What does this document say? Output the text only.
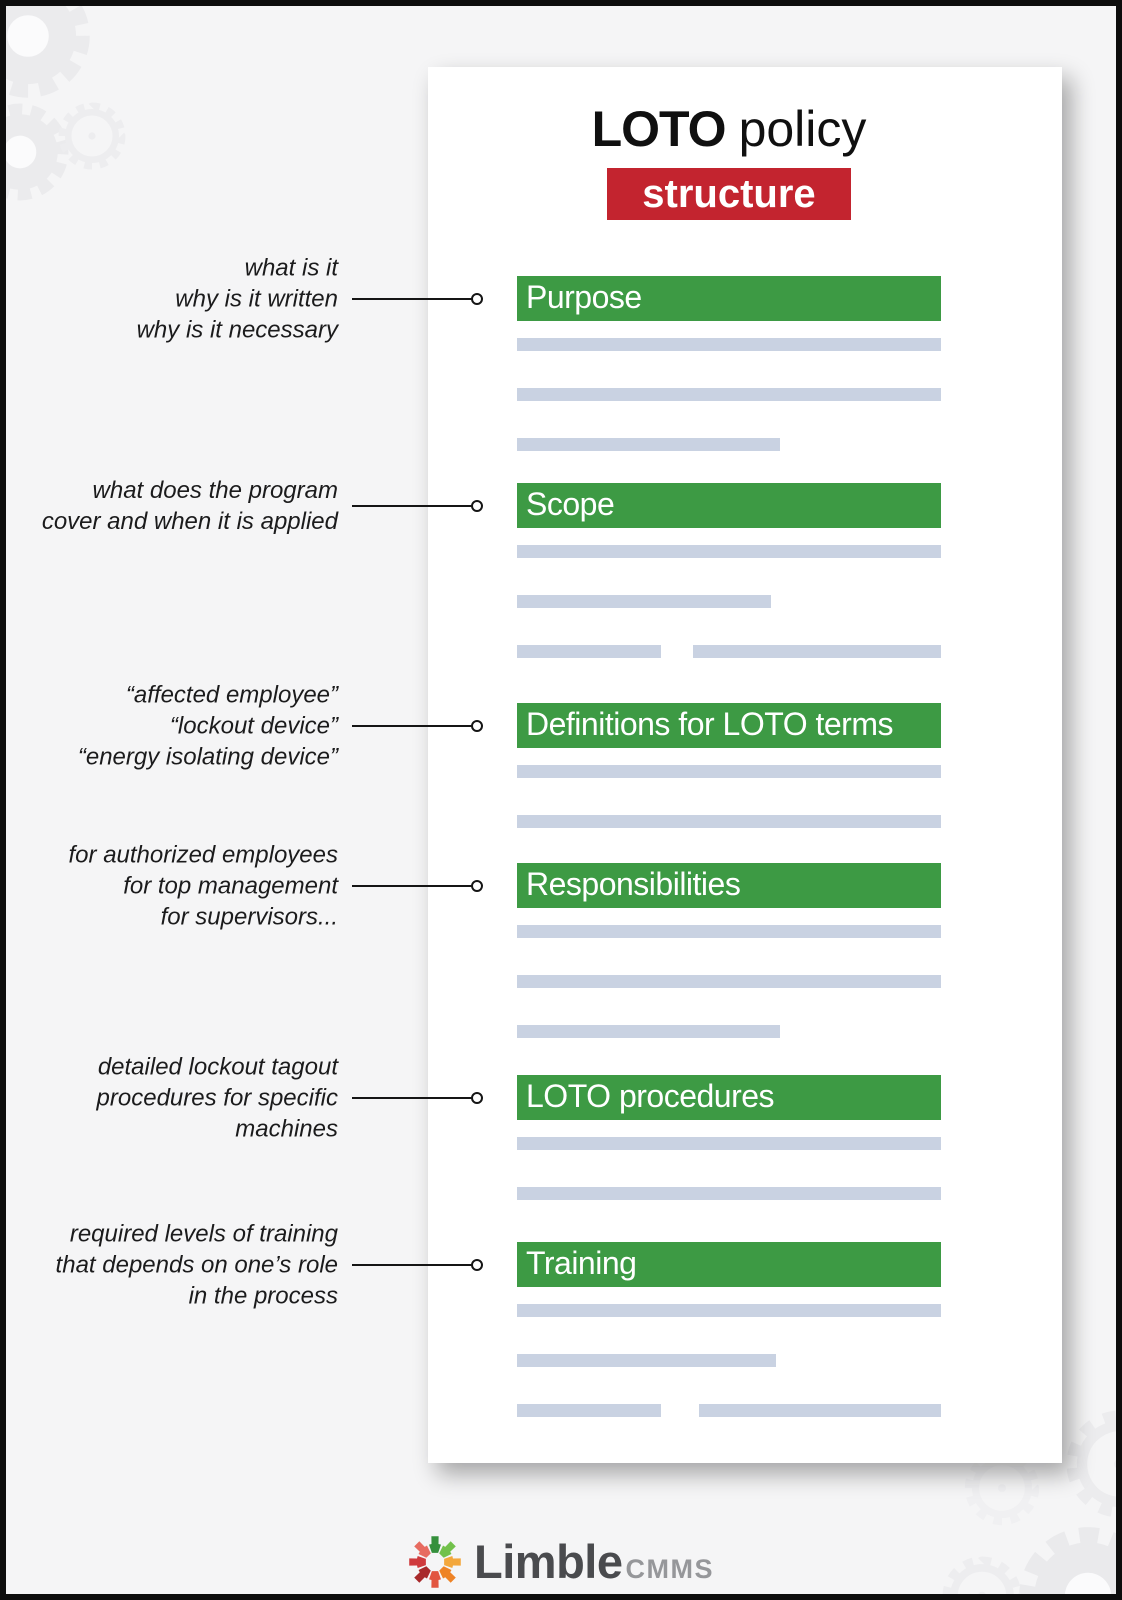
LOTO policy
structure
Purpose
what is it
why is it written
why is it necessary
Scope
what does the program
cover and when it is applied
Definitions for LOTO terms
“affected employee”
“lockout device”
“energy isolating device”
Responsibilities
for authorized employees
for top management
for supervisors...
LOTO procedures
detailed lockout tagout
procedures for specific
machines
Training
required levels of training
that depends on one’s role
in the process
Limble CMMS
